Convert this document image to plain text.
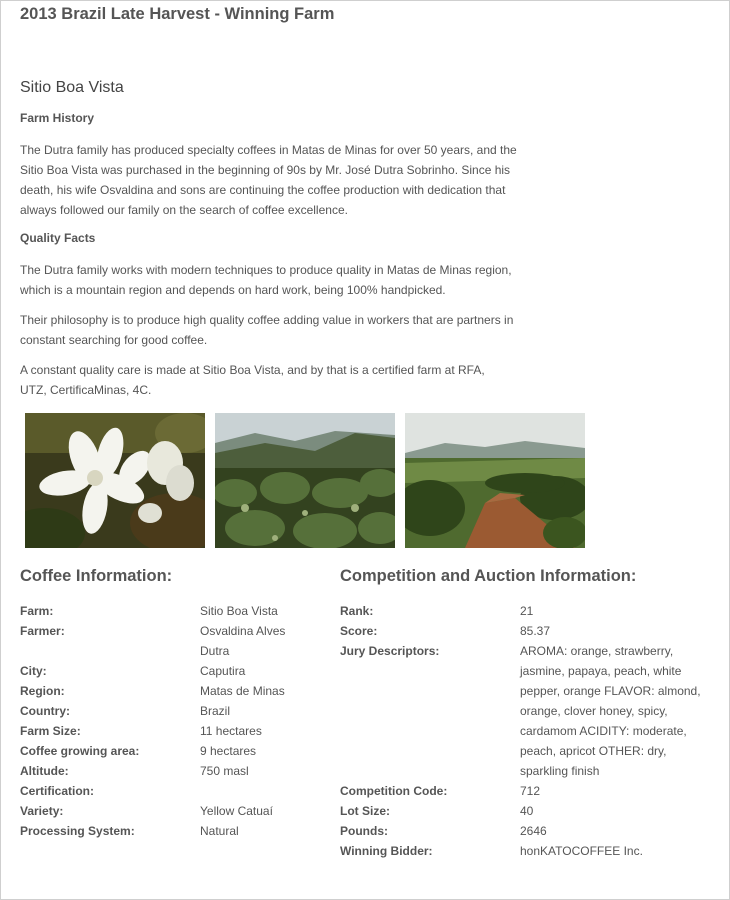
2013 Brazil Late Harvest - Winning Farm
Sitio Boa Vista
Farm History

The Dutra family has produced specialty coffees in Matas de Minas for over 50 years, and the
Sitio Boa Vista was purchased in the beginning of 90s by Mr. José Dutra Sobrinho. Since his
death, his wife Osvaldina and sons are continuing the coffee production with dedication that
always followed our family on the search of coffee excellence.

Quality Facts

The Dutra family works with modern techniques to produce quality in Matas de Minas region,
which is a mountain region and depends on hard work, being 100% handpicked.

Their philosophy is to produce high quality coffee adding value in workers that are partners in
constant searching for good coffee.

A constant quality care is made at Sitio Boa Vista, and by that is a certified farm at RFA,
UTZ, CertificaMinas, 4C.

Coffee Information:	Competition and Auction Information:
Farm:	Sitio Boa Vista
Farmer:	Osvaldina Alves
Dutra
City:	Caputira
Region:	Matas de Minas
Country:	Brazil
Farm Size:	11 hectares
Coffee growing area:	9 hectares
Altitude:	750 masl
Certification:
Variety:	Yellow Catuaí
Processing System:	Natural
Rank:	21
Score:	85.37
Jury Descriptors:	AROMA: orange, strawberry,
jasmine, papaya, peach, white
pepper, orange FLAVOR: almond,
orange, clover honey, spicy,
cardamom ACIDITY: moderate,
peach, apricot OTHER: dry,
sparkling finish
Competition Code:	712
Lot Size:	40
Pounds:	2646
Winning Bidder:	honKATOCOFFEE Inc.
